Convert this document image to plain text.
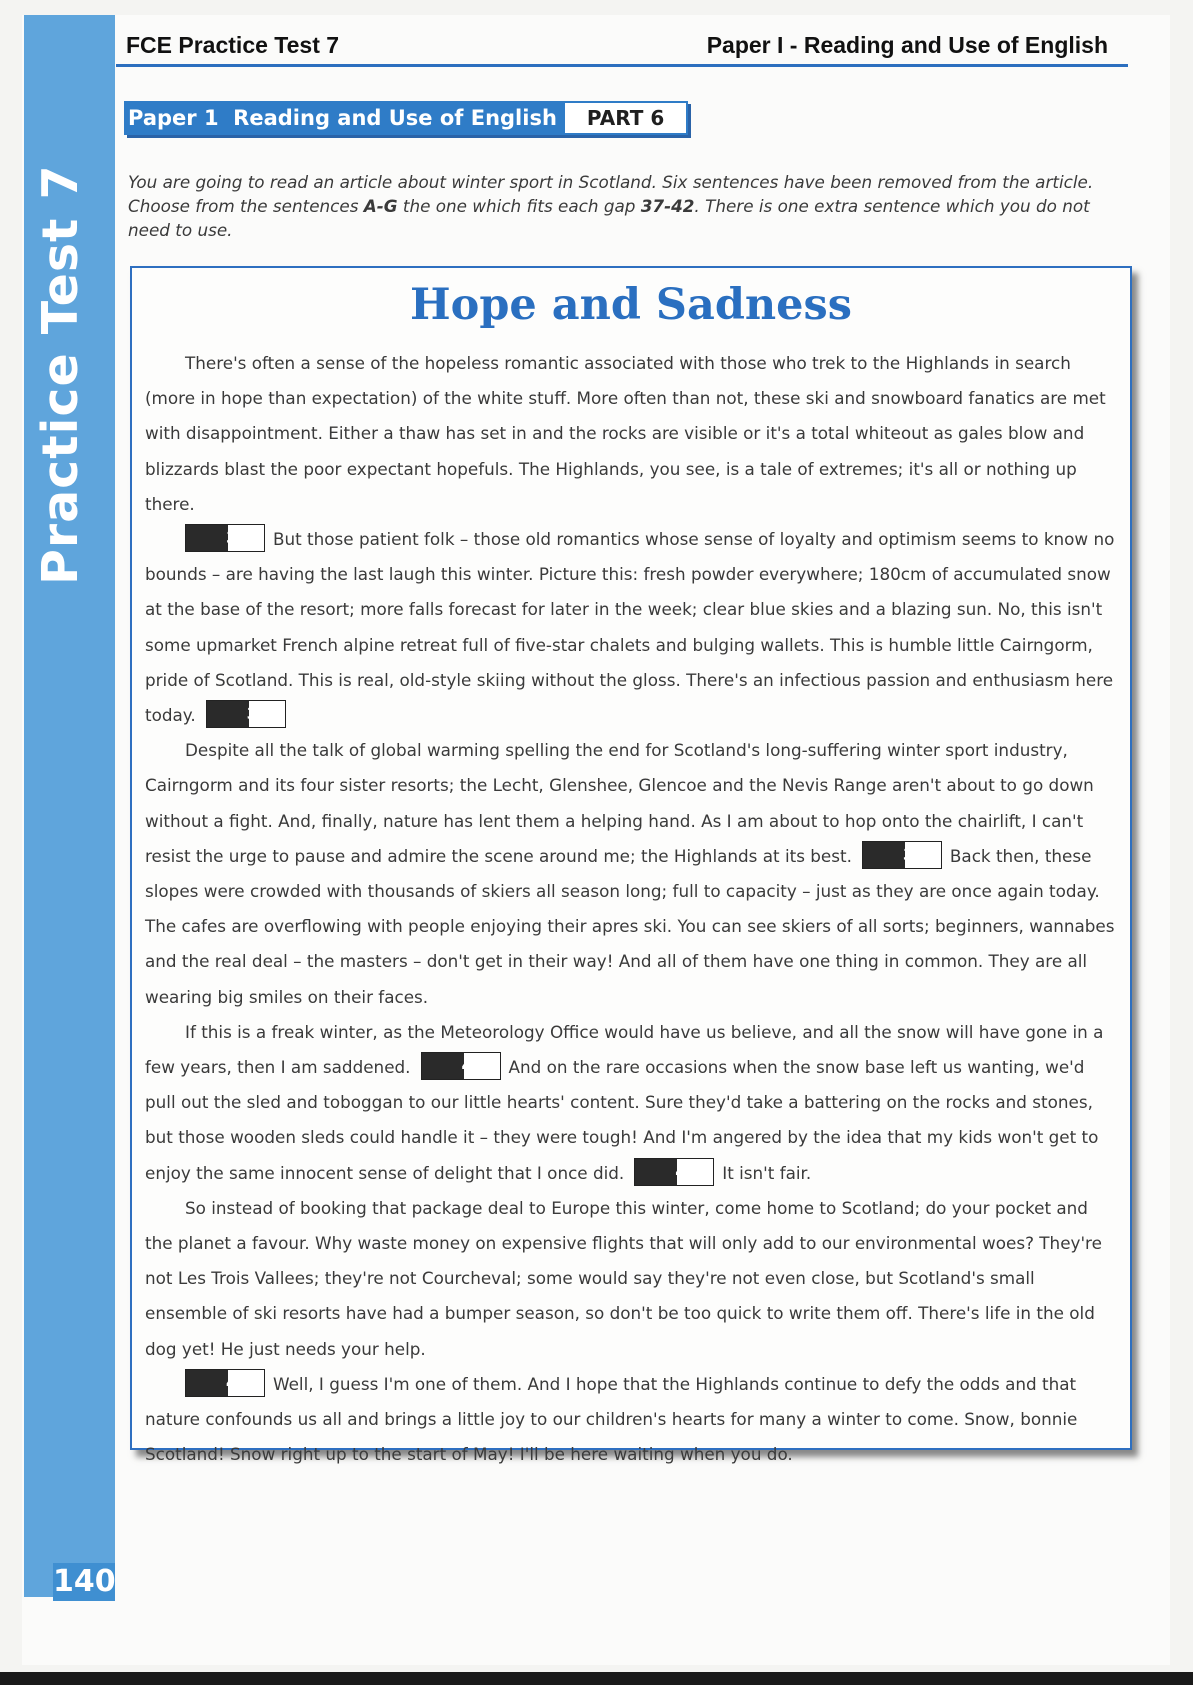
Practice Test 7
140
FCE Practice Test 7	Paper I - Reading and Use of English
Paper 1  Reading and Use of English	PART 6
You are going to read an article about winter sport in Scotland. Six sentences have been removed from the article. Choose from the sentences A-G the one which fits each gap 37-42. There is one extra sentence which you do not need to use.
Hope and Sadness

There's often a sense of the hopeless romantic associated with those who trek to the Highlands in search (more in hope than expectation) of the white stuff. More often than not, these ski and snowboard fanatics are met with disappointment. Either a thaw has set in and the rocks are visible or it's a total whiteout as gales blow and blizzards blast the poor expectant hopefuls. The Highlands, you see, is a tale of extremes; it's all or nothing up there.

37 But those patient folk – those old romantics whose sense of loyalty and optimism seems to know no bounds – are having the last laugh this winter. Picture this: fresh powder everywhere; 180cm of accumulated snow at the base of the resort; more falls forecast for later in the week; clear blue skies and a blazing sun. No, this isn't some upmarket French alpine retreat full of five-star chalets and bulging wallets. This is humble little Cairngorm, pride of Scotland. This is real, old-style skiing without the gloss. There's an infectious passion and enthusiasm here today.	38

Despite all the talk of global warming spelling the end for Scotland's long-suffering winter sport industry, Cairngorm and its four sister resorts; the Lecht, Glenshee, Glencoe and the Nevis Range aren't about to go down without a fight. And, finally, nature has lent them a helping hand. As I am about to hop onto the chairlift, I can't resist the urge to pause and admire the scene around me; the Highlands at its best.	39 Back then, these slopes were crowded with thousands of skiers all season long; full to capacity – just as they are once again today. The cafes are overflowing with people enjoying their apres ski. You can see skiers of all sorts; beginners, wannabes and the real deal – the masters – don't get in their way! And all of them have one thing in common. They are all wearing big smiles on their faces.

If this is a freak winter, as the Meteorology Office would have us believe, and all the snow will have gone in a few years, then I am saddened.	40 And on the rare occasions when the snow base left us wanting, we'd pull out the sled and toboggan to our little hearts' content. Sure they'd take a battering on the rocks and stones, but those wooden sleds could handle it – they were tough! And I'm angered by the idea that my kids won't get to enjoy the same innocent sense of delight that I once did.	41 It isn't fair.

So instead of booking that package deal to Europe this winter, come home to Scotland; do your pocket and the planet a favour. Why waste money on expensive flights that will only add to our environmental woes? They're not Les Trois Vallees; they're not Courcheval; some would say they're not even close, but Scotland's small ensemble of ski resorts have had a bumper season, so don't be too quick to write them off. There's life in the old dog yet! He just needs your help.

42 Well, I guess I'm one of them. And I hope that the Highlands continue to defy the odds and that nature confounds us all and brings a little joy to our children's hearts for many a winter to come. Snow, bonnie Scotland! Snow right up to the start of May! I'll be here waiting when you do.
